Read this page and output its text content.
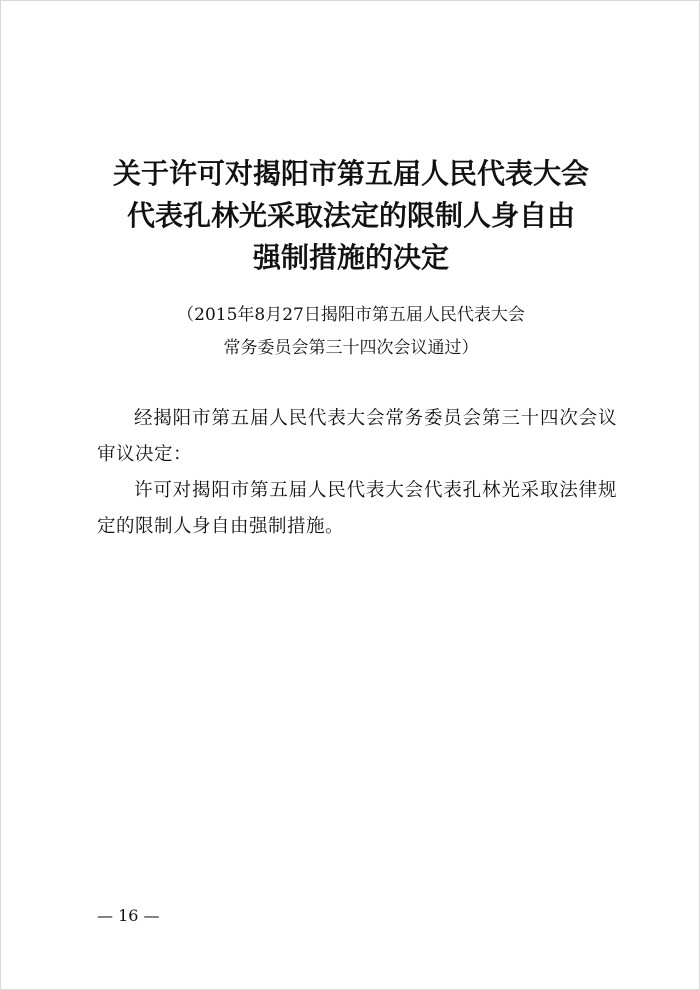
关于许可对揭阳市第五届人民代表大会
代表孔林光采取法定的限制人身自由
强制措施的决定
（2015年8月27日揭阳市第五届人民代表大会
常务委员会第三十四次会议通过）

经揭阳市第五届人民代表大会常务委员会第三十四次会议审议决定：

许可对揭阳市第五届人民代表大会代表孔林光采取法律规定的限制人身自由强制措施。

— 16 —
